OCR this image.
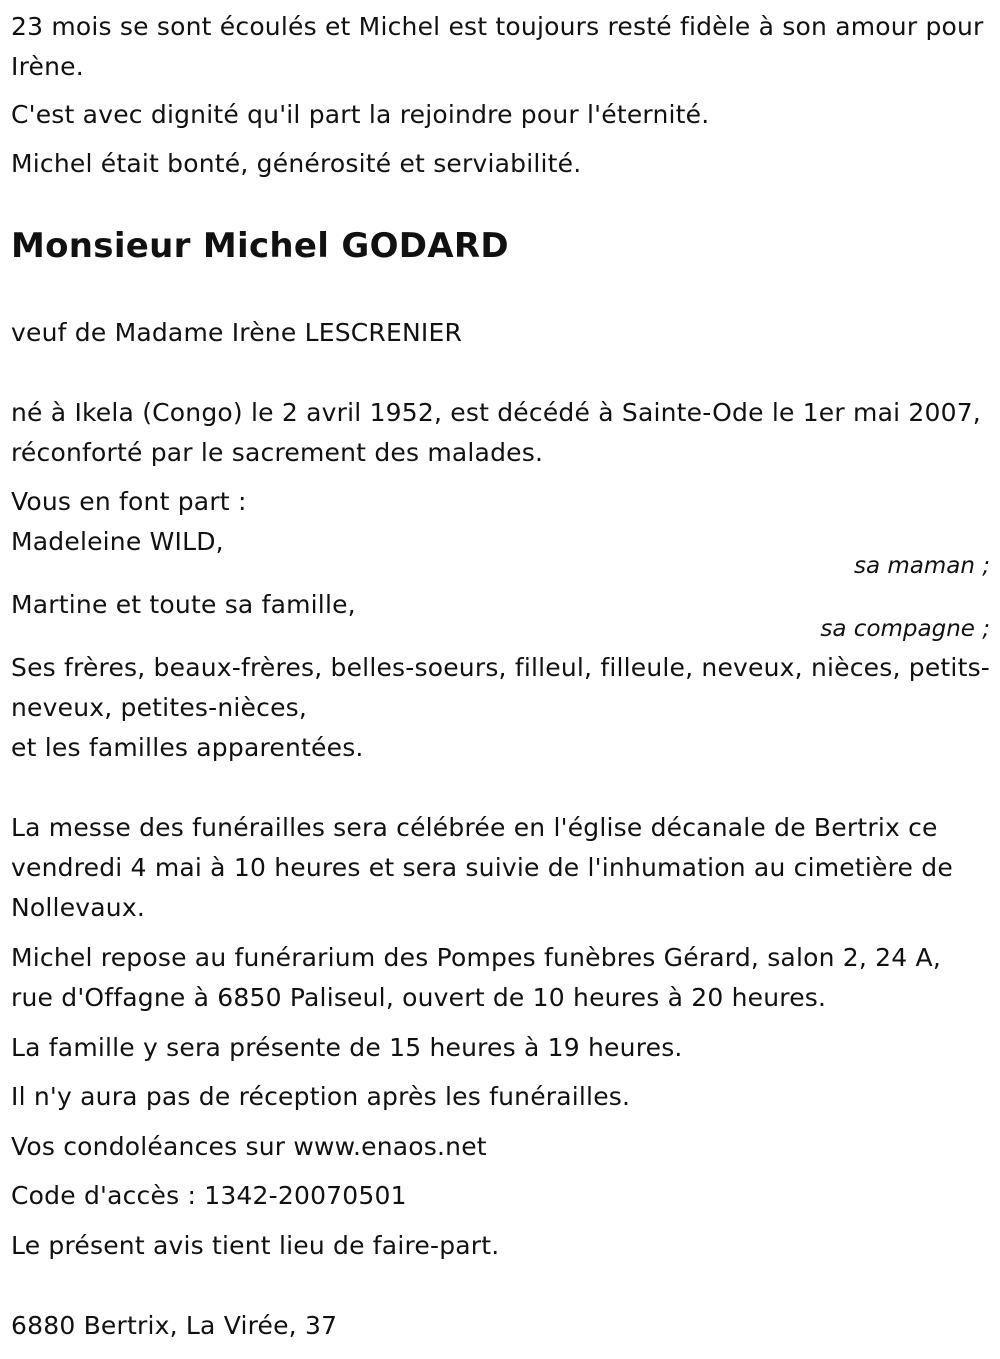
23 mois se sont écoulés et Michel est toujours resté fidèle à son amour pour Irène.

C'est avec dignité qu'il part la rejoindre pour l'éternité.

Michel était bonté, générosité et serviabilité.

Monsieur Michel GODARD

veuf de Madame Irène LESCRENIER

né à Ikela (Congo) le 2 avril 1952, est décédé à Sainte-Ode le 1er mai 2007, réconforté par le sacrement des malades.

Vous en font part :

Madeleine WILD,

sa maman ;

Martine et toute sa famille,

sa compagne ;

Ses frères, beaux-frères, belles-soeurs, filleul, filleule, neveux, nièces, petits-neveux, petites-nièces,
et les familles apparentées.

La messe des funérailles sera célébrée en l'église décanale de Bertrix ce vendredi 4 mai à 10 heures et sera suivie de l'inhumation au cimetière de Nollevaux.

Michel repose au funérarium des Pompes funèbres Gérard, salon 2, 24 A, rue d'Offagne à 6850 Paliseul, ouvert de 10 heures à 20 heures.

La famille y sera présente de 15 heures à 19 heures.

Il n'y aura pas de réception après les funérailles.

Vos condoléances sur www.enaos.net

Code d'accès : 1342-20070501

Le présent avis tient lieu de faire-part.

6880 Bertrix, La Virée, 37
